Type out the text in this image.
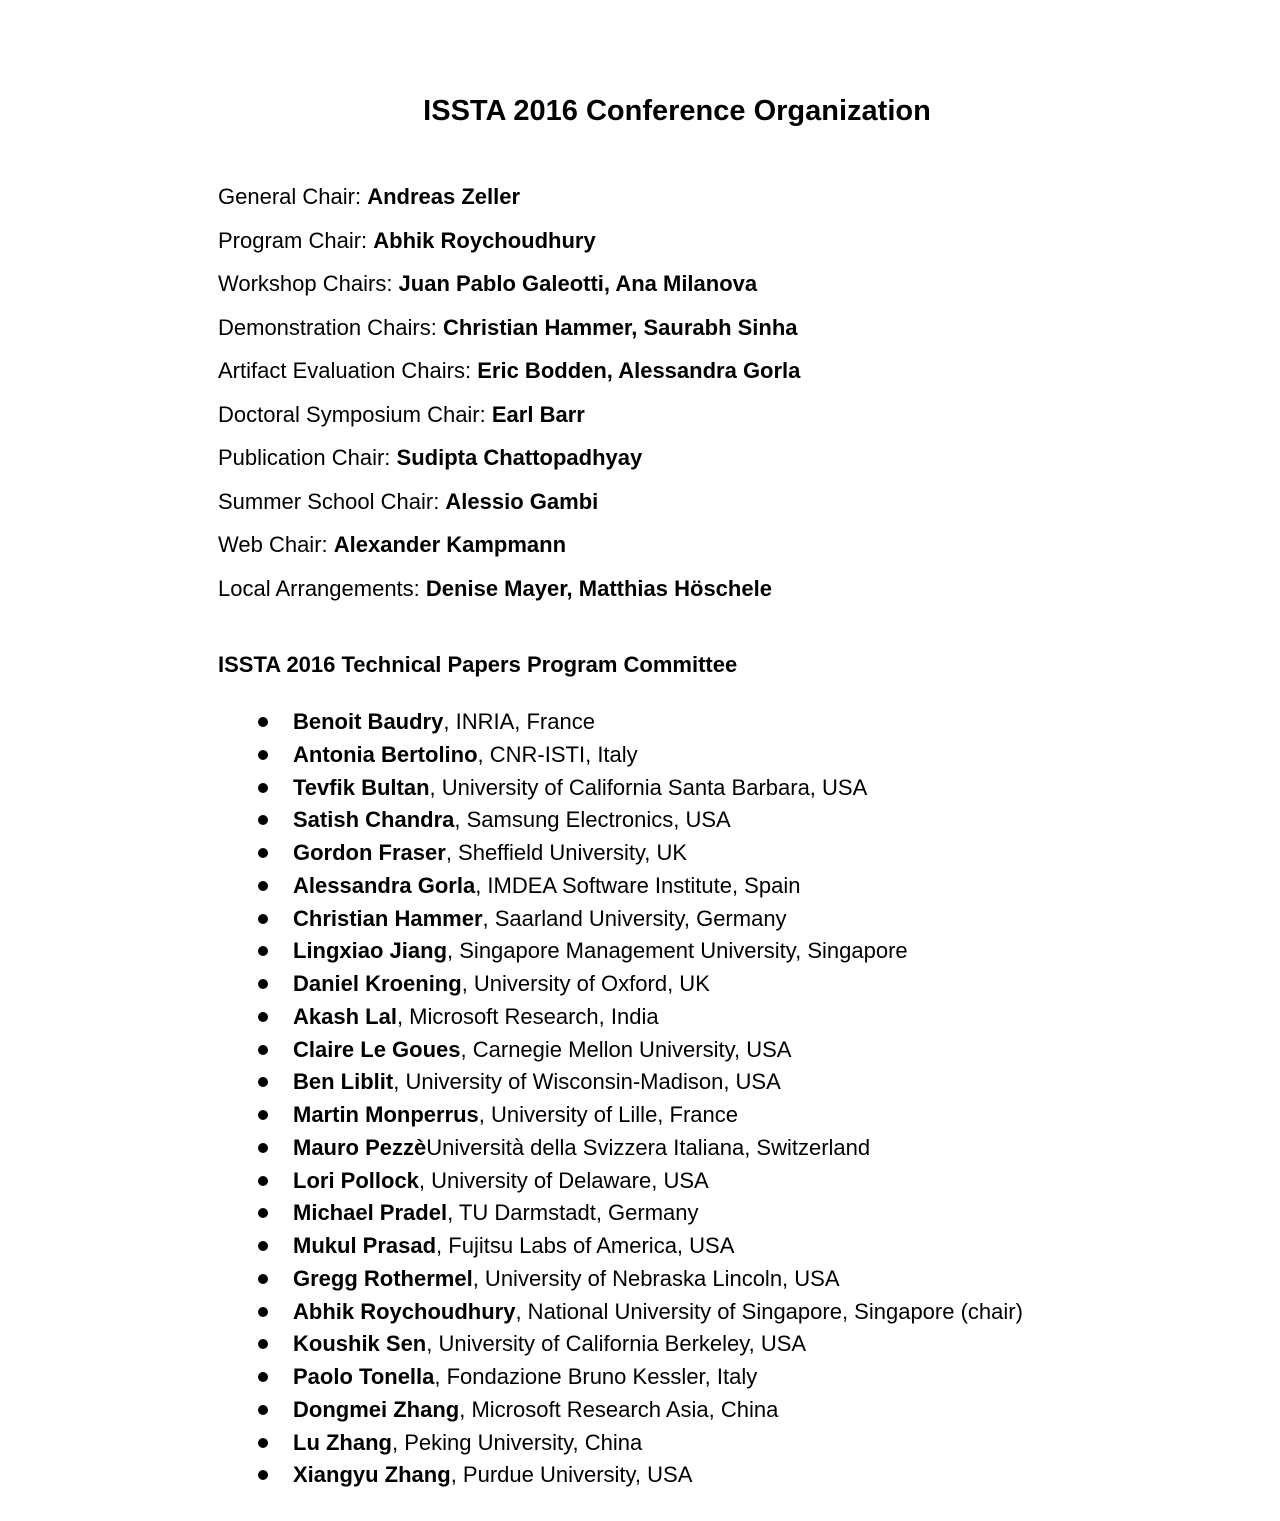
ISSTA 2016 Conference Organization
General Chair: Andreas Zeller
Program Chair: Abhik Roychoudhury
Workshop Chairs: Juan Pablo Galeotti, Ana Milanova
Demonstration Chairs: Christian Hammer, Saurabh Sinha
Artifact Evaluation Chairs: Eric Bodden, Alessandra Gorla
Doctoral Symposium Chair: Earl Barr
Publication Chair: Sudipta Chattopadhyay
Summer School Chair: Alessio Gambi
Web Chair: Alexander Kampmann
Local Arrangements: Denise Mayer, Matthias Höschele
ISSTA 2016 Technical Papers Program Committee
Benoit Baudry, INRIA, France
Antonia Bertolino, CNR-ISTI, Italy
Tevfik Bultan, University of California Santa Barbara, USA
Satish Chandra, Samsung Electronics, USA
Gordon Fraser, Sheffield University, UK
Alessandra Gorla, IMDEA Software Institute, Spain
Christian Hammer, Saarland University, Germany
Lingxiao Jiang, Singapore Management University, Singapore
Daniel Kroening, University of Oxford, UK
Akash Lal, Microsoft Research, India
Claire Le Goues, Carnegie Mellon University, USA
Ben Liblit, University of Wisconsin-Madison, USA
Martin Monperrus, University of Lille, France
Mauro PezzèUniversità della Svizzera Italiana, Switzerland
Lori Pollock, University of Delaware, USA
Michael Pradel, TU Darmstadt, Germany
Mukul Prasad, Fujitsu Labs of America, USA
Gregg Rothermel, University of Nebraska Lincoln, USA
Abhik Roychoudhury, National University of Singapore, Singapore (chair)
Koushik Sen, University of California Berkeley, USA
Paolo Tonella, Fondazione Bruno Kessler, Italy
Dongmei Zhang, Microsoft Research Asia, China
Lu Zhang, Peking University, China
Xiangyu Zhang, Purdue University, USA
